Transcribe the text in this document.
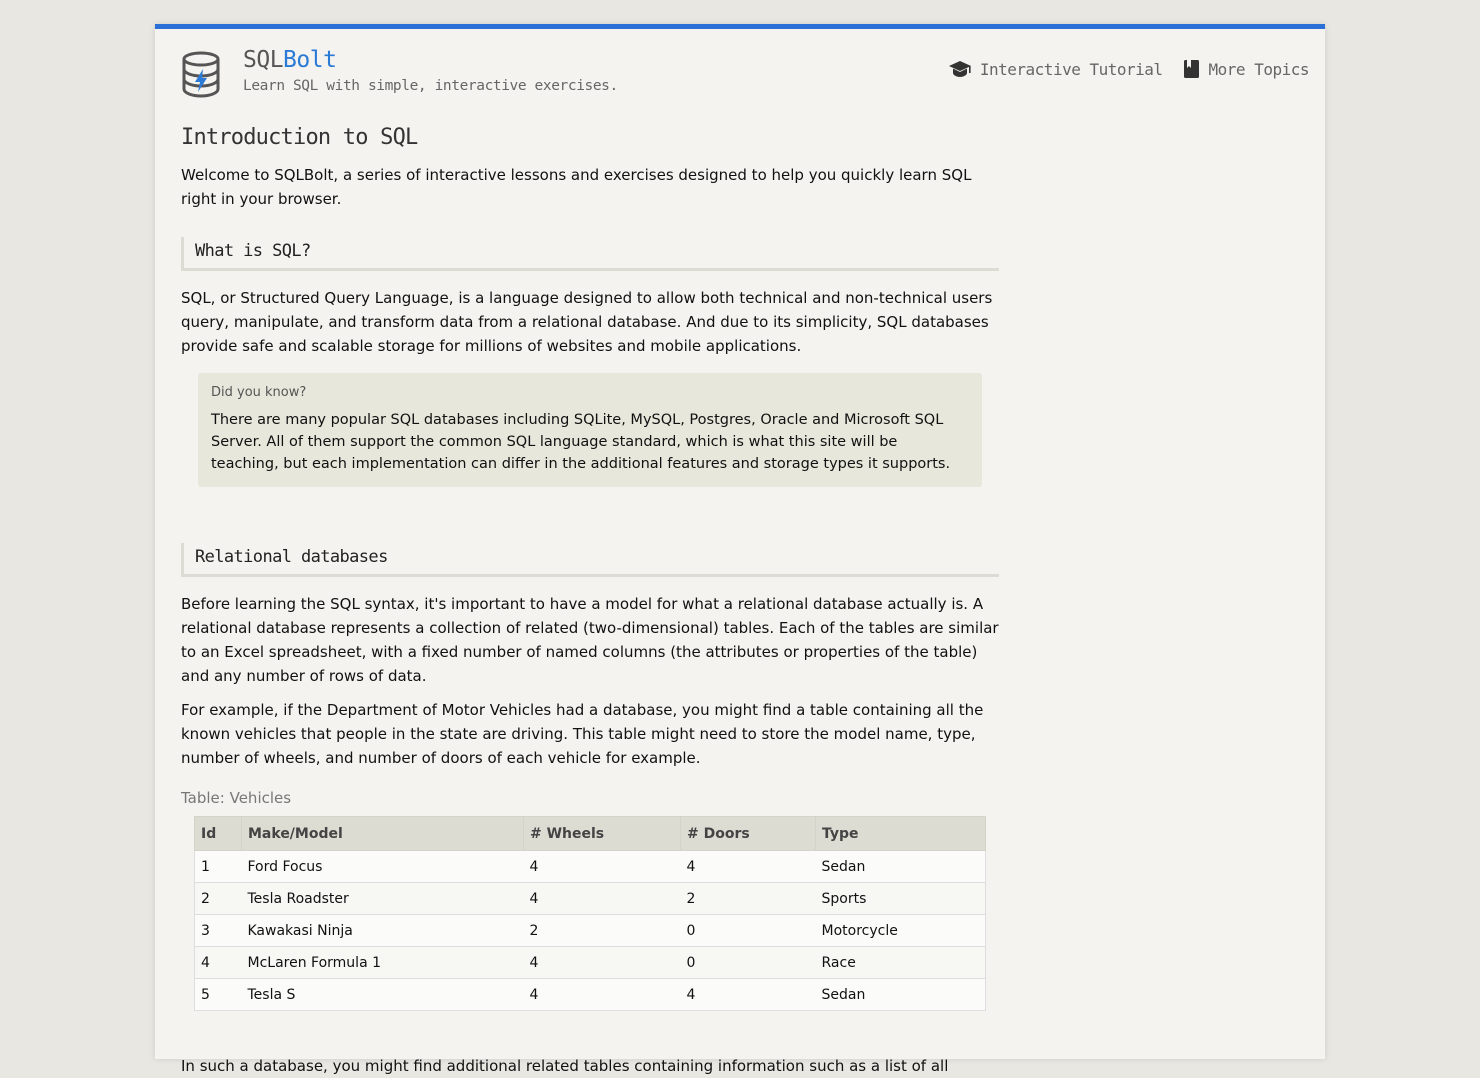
SQLBolt
Learn SQL with simple, interactive exercises.
Interactive Tutorial	More Topics
Introduction to SQL

Welcome to SQLBolt, a series of interactive lessons and exercises designed to help you quickly learn SQL right in your browser.

What is SQL?

SQL, or Structured Query Language, is a language designed to allow both technical and non-technical users query, manipulate, and transform data from a relational database. And due to its simplicity, SQL databases provide safe and scalable storage for millions of websites and mobile applications.

Did you know?

There are many popular SQL databases including SQLite, MySQL, Postgres, Oracle and Microsoft SQL Server. All of them support the common SQL language standard, which is what this site will be teaching, but each implementation can differ in the additional features and storage types it supports.

Relational databases

Before learning the SQL syntax, it's important to have a model for what a relational database actually is. A relational database represents a collection of related (two-dimensional) tables. Each of the tables are similar to an Excel spreadsheet, with a fixed number of named columns (the attributes or properties of the table) and any number of rows of data.

For example, if the Department of Motor Vehicles had a database, you might find a table containing all the known vehicles that people in the state are driving. This table might need to store the model name, type, number of wheels, and number of doors of each vehicle for example.

Table: Vehicles
Id	Make/Model	# Wheels	# Doors	Type
1	Ford Focus	4	4	Sedan
2	Tesla Roadster	4	2	Sports
3	Kawakasi Ninja	2	0	Motorcycle
4	McLaren Formula 1	4	0	Race
5	Tesla S	4	4	Sedan

In such a database, you might find additional related tables containing information such as a list of all
